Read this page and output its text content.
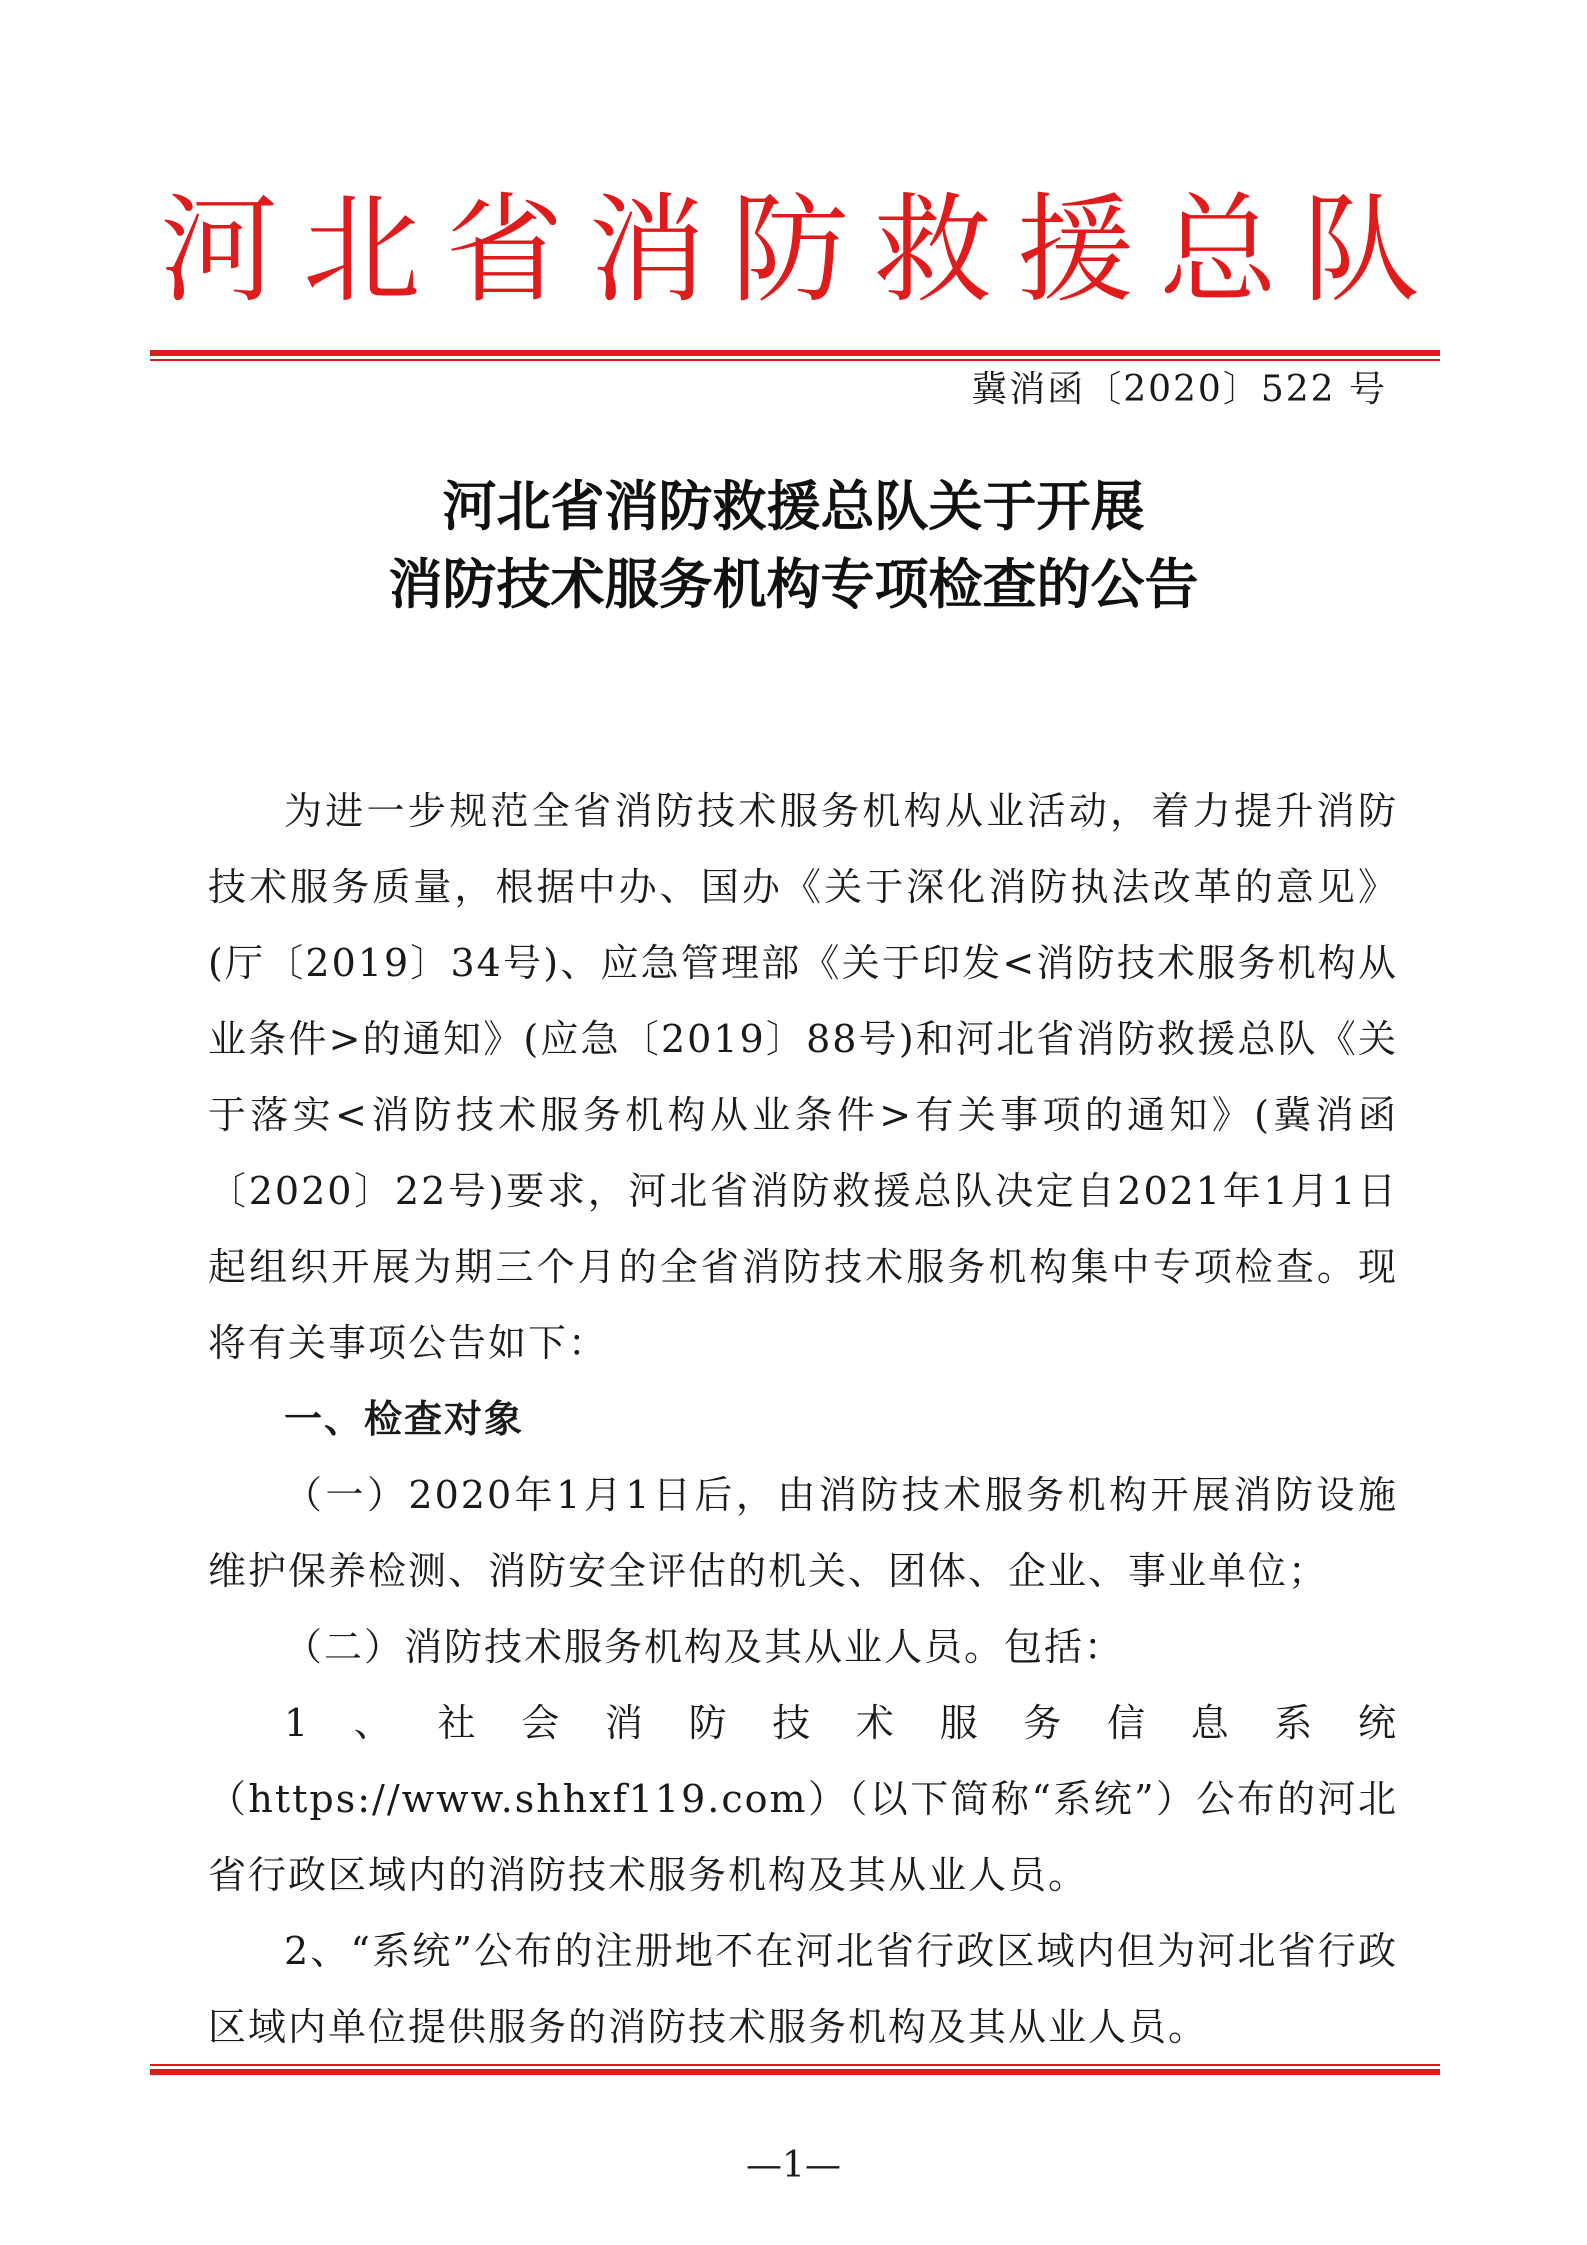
河 北 省 消 防 救 援 总 队
冀消函〔2020〕522 号
河北省消防救援总队关于开展
消防技术服务机构专项检查的公告

为进一步规范全省消防技术服务机构从业活动，着力提升消防技术服务质量，根据中办、国办《关于深化消防执法改革的意见》(厅〔2019〕34号)、应急管理部《关于印发<消防技术服务机构从业条件>的通知》(应急〔2019〕88号)和河北省消防救援总队《关于落实<消防技术服务机构从业条件>有关事项的通知》(冀消函〔2020〕22号)要求，河北省消防救援总队决定自2021年1月1日起组织开展为期三个月的全省消防技术服务机构集中专项检查。现将有关事项公告如下：

一、检查对象

（一）2020年1月1日后，由消防技术服务机构开展消防设施维护保养检测、消防安全评估的机关、团体、企业、事业单位；

（二）消防技术服务机构及其从业人员。包括：

1、社会消防技术服务信息系统（https://www.shhxf119.com）（以下简称“系统”）公布的河北省行政区域内的消防技术服务机构及其从业人员。

2、“系统”公布的注册地不在河北省行政区域内但为河北省行政区域内单位提供服务的消防技术服务机构及其从业人员。

—1—
